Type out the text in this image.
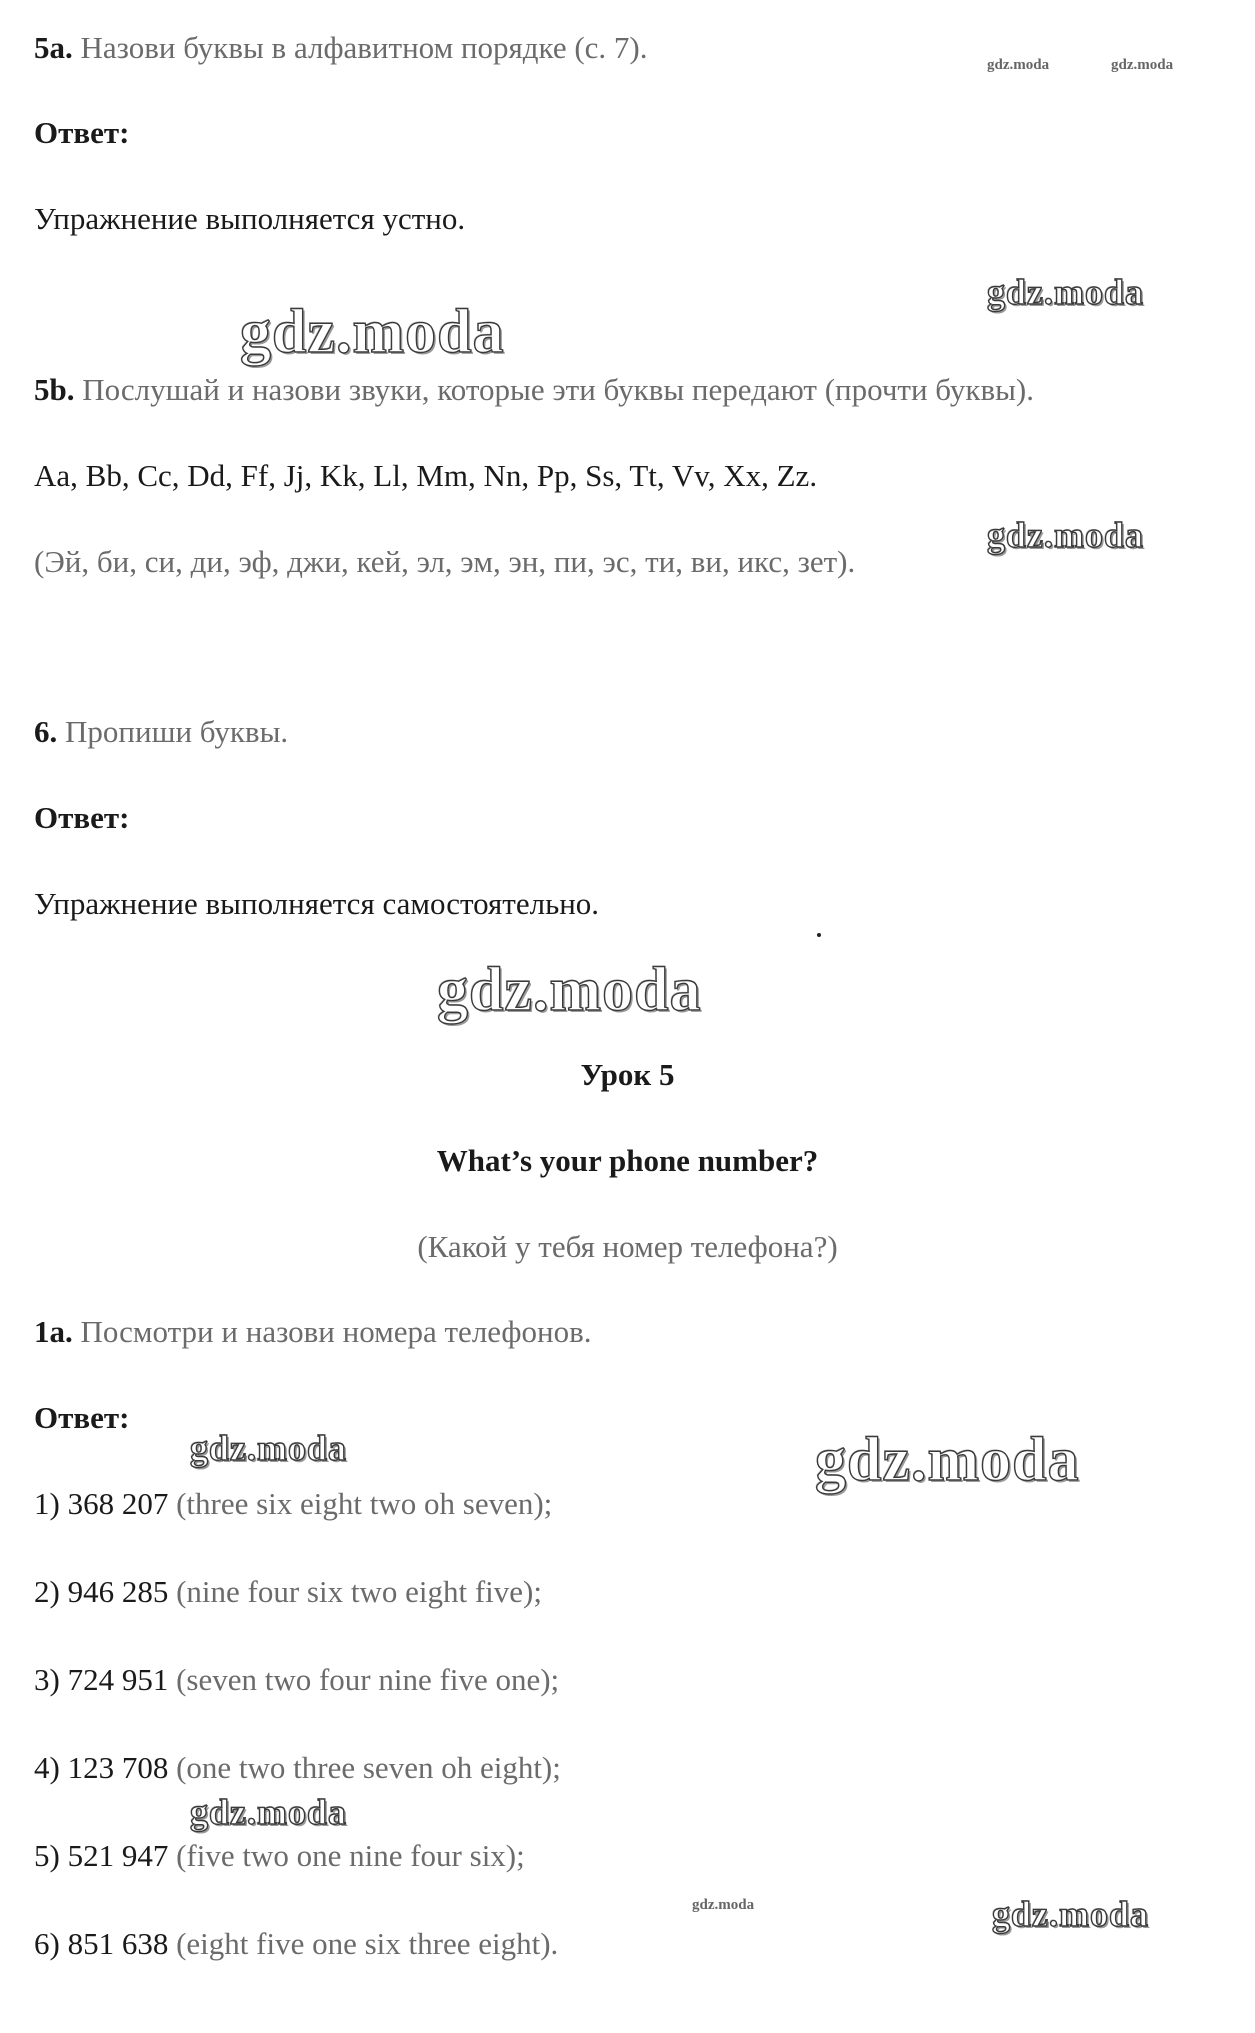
5a. Назови буквы в алфавитном порядке (с. 7).
Ответ:
Упражнение выполняется устно.
5b. Послушай и назови звуки, которые эти буквы передают (прочти буквы).
Aa, Bb, Cc, Dd, Ff, Jj, Kk, Ll, Mm, Nn, Pp, Ss, Tt, Vv, Xx, Zz.
(Эй, би, си, ди, эф, джи, кей, эл, эм, эн, пи, эс, ти, ви, икс, зет).
6. Пропиши буквы.
Ответ:
Упражнение выполняется самостоятельно.
Урок 5
What’s your phone number?
(Какой у тебя номер телефона?)
1a. Посмотри и назови номера телефонов.
Ответ:
1) 368 207 (three six eight two oh seven);
2) 946 285 (nine four six two eight five);
3) 724 951 (seven two four nine five one);
4) 123 708 (one two three seven oh eight);
5) 521 947 (five two one nine four six);
6) 851 638 (eight five one six three eight).
gdz.moda	gdz.moda
gdz.moda
gdz.moda
gdz.moda
gdz.moda
gdz.moda	gdz.moda
gdz.moda
gdz.moda	gdz.moda
